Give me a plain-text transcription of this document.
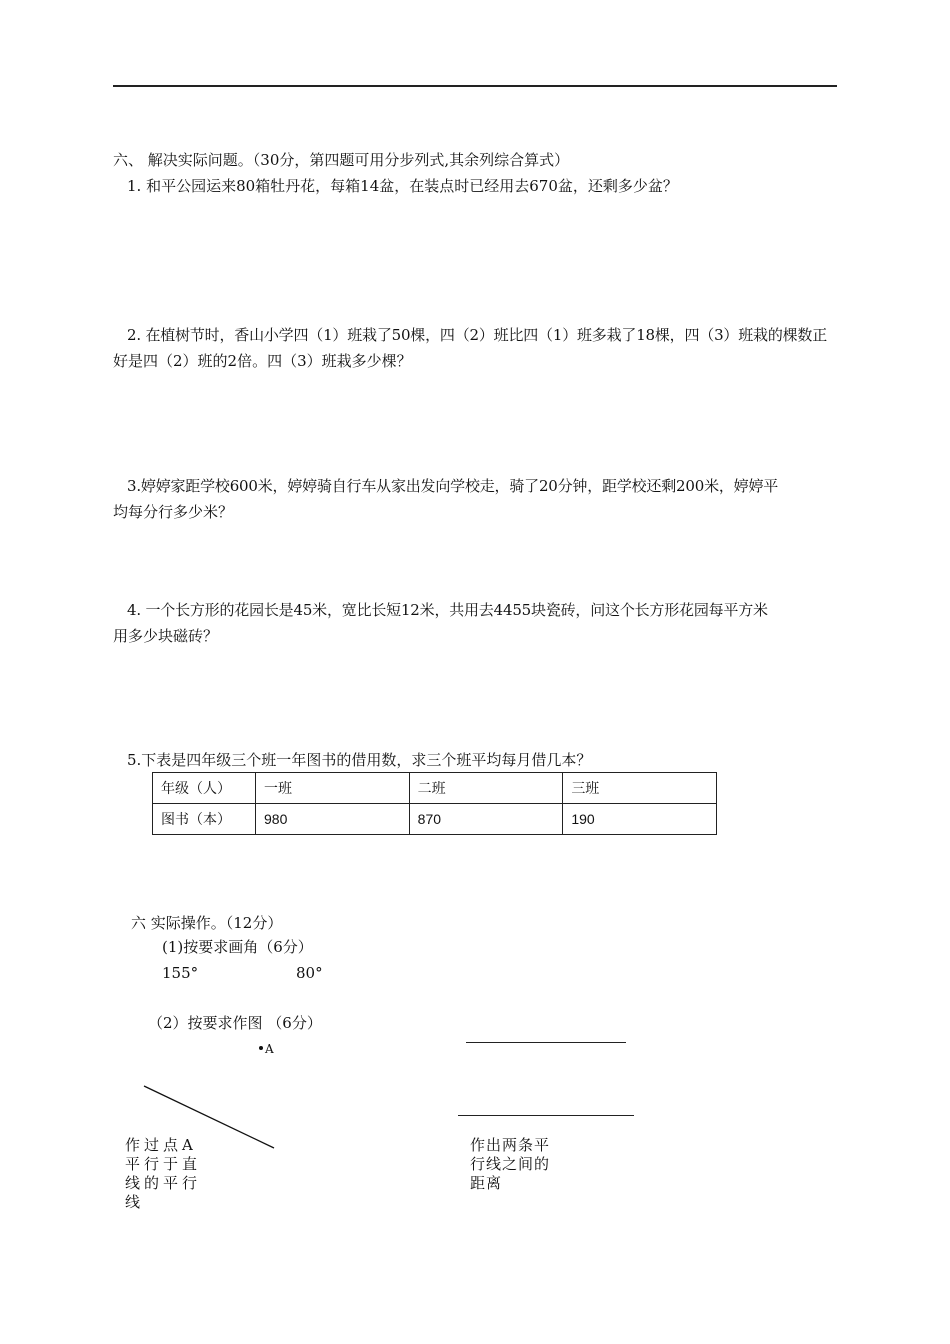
六、 解决实际问题。（30分，第四题可用分步列式,其余列综合算式）
1. 和平公园运来80箱牡丹花，每箱14盆，在装点时已经用去670盆，还剩多少盆？
2. 在植树节时，香山小学四（1）班栽了50棵，四（2）班比四（1）班多栽了18棵，四（3）班栽的棵数正
好是四（2）班的2倍。四（3）班栽多少棵？
3.婷婷家距学校600米，婷婷骑自行车从家出发向学校走，骑了20分钟，距学校还剩200米，婷婷平
均每分行多少米？
4. 一个长方形的花园长是45米，宽比长短12米，共用去4455块瓷砖，问这个长方形花园每平方米
用多少块磁砖？
5.下表是四年级三个班一年图书的借用数，求三个班平均每月借几本？
年级（人）	一班	二班	三班
图书（本）	980	870	190
六 实际操作。（12分）
(1)按要求画角（6分）
155°	80°
（2）按要求作图 （6分）
A
作过点A平行于直线的平行线
作出两条平行线之间的距离
